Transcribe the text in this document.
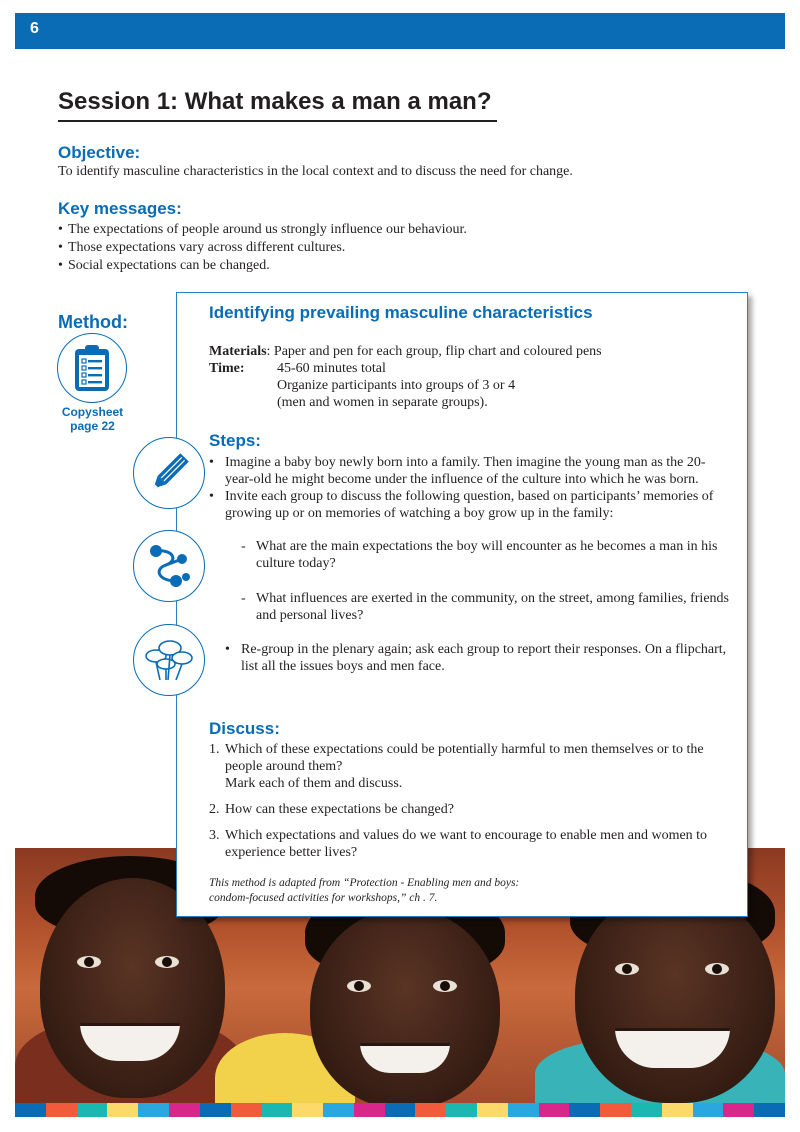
6
Session 1: What makes a man a man?
Objective:
To identify masculine characteristics in the local context and to discuss the need for change.
Key messages:
• The expectations of people around us strongly influence our behaviour.
• Those expectations vary across different cultures.
• Social expectations can be changed.
Method:
Copysheet
page 22
Identifying prevailing masculine characteristics
Materials : Paper and pen for each group, flip chart and coloured pens
Time:	45-60 minutes total
Organize participants into groups of 3 or 4
(men and women in separate groups).
Steps:
• Imagine a baby boy newly born into a family. Then imagine the young man as the 20-year-old he might become under the influence of the culture into which he was born.
• Invite each group to discuss the following question, based on participants’ memories of growing up or on memories of watching a boy grow up in the family:
- What are the main expectations the boy will encounter as he becomes a man in his culture today?
- What influences are exerted in the community, on the street, among families, friends and personal lives?
• Re-group in the plenary again; ask each group to report their responses. On a flipchart, list all the issues boys and men face.
Discuss:
1. Which of these expectations could be potentially harmful to men themselves or to the people around them?
Mark each of them and discuss.
2. How can these expectations be changed?
3. Which expectations and values do we want to encourage to enable men and women to experience better lives?
This method is adapted from “Protection - Enabling men and boys:
condom-focused activities for workshops,” ch . 7.
